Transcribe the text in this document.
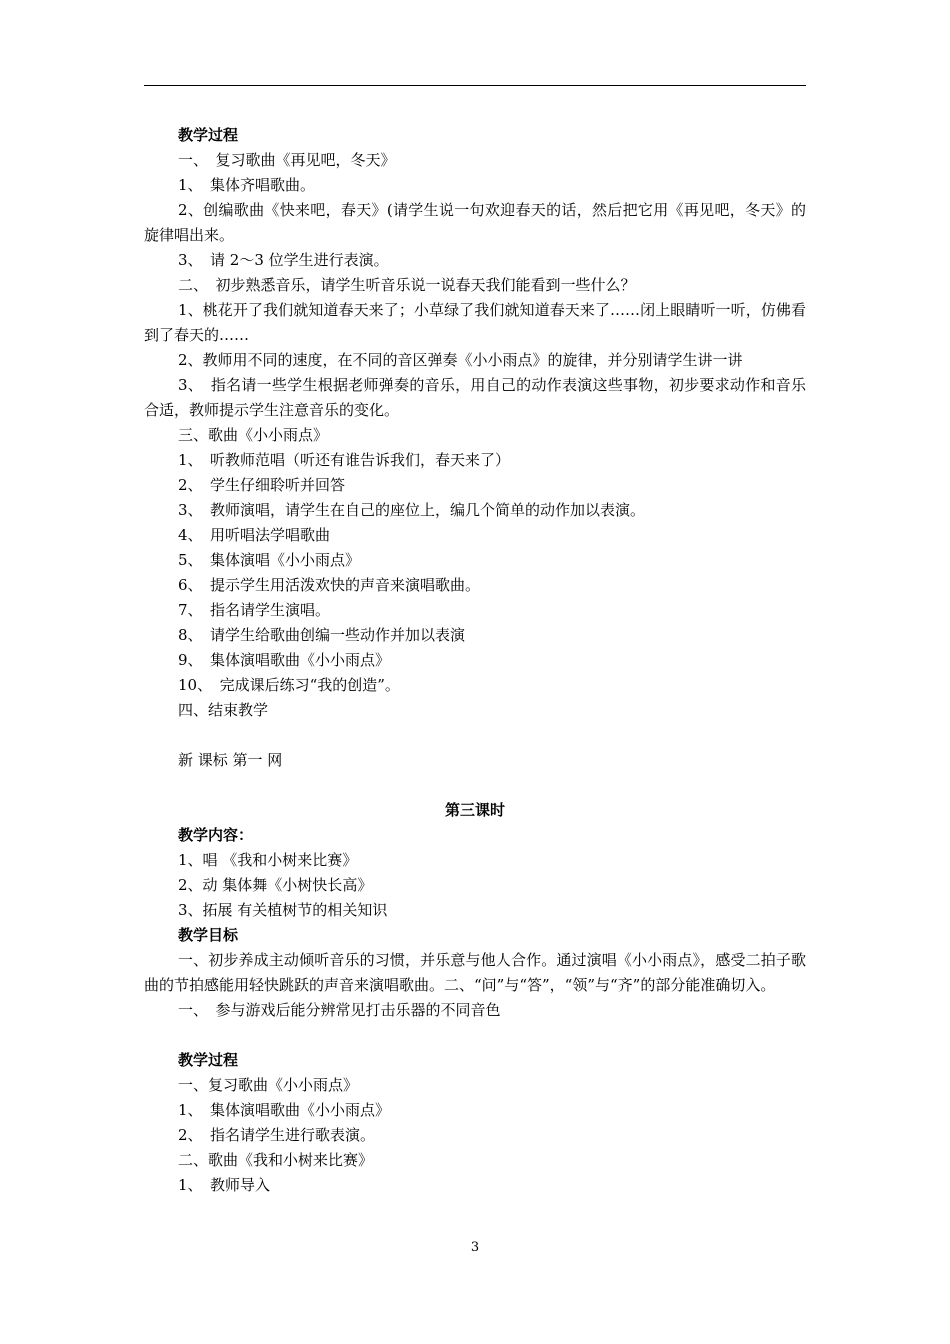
教学过程
一、　复习歌曲《再见吧，冬天》
1、　集体齐唱歌曲。
2、创编歌曲《快来吧，春天》(请学生说一句欢迎春天的话，然后把它用《再见吧，冬天》的旋律唱出来。
3、　请 2～3 位学生进行表演。
二、　初步熟悉音乐，请学生听音乐说一说春天我们能看到一些什么？
1、桃花开了我们就知道春天来了；小草绿了我们就知道春天来了……闭上眼睛听一听，仿佛看到了春天的……
2、教师用不同的速度，在不同的音区弹奏《小小雨点》的旋律，并分别请学生讲一讲
3、　指名请一些学生根据老师弹奏的音乐，用自己的动作表演这些事物，初步要求动作和音乐合适，教师提示学生注意音乐的变化。
三、歌曲《小小雨点》
1、　听教师范唱（听还有谁告诉我们，春天来了）
2、　学生仔细聆听并回答
3、　教师演唱，请学生在自己的座位上，编几个简单的动作加以表演。
4、　用听唱法学唱歌曲
5、　集体演唱《小小雨点》
6、　提示学生用活泼欢快的声音来演唱歌曲。
7、　指名请学生演唱。
8、　请学生给歌曲创编一些动作并加以表演
9、　集体演唱歌曲《小小雨点》
10、　完成课后练习“我的创造”。
四、结束教学
新 课标 第一 网
第三课时
教学内容：
1、唱 《我和小树来比赛》
2、动 集体舞《小树快长高》
3、拓展 有关植树节的相关知识
教学目标
一、初步养成主动倾听音乐的习惯，并乐意与他人合作。通过演唱《小小雨点》，感受二拍子歌曲的节拍感能用轻快跳跃的声音来演唱歌曲。二、“问”与“答”，“领”与“齐”的部分能准确切入。
一、　参与游戏后能分辨常见打击乐器的不同音色
教学过程
一、复习歌曲《小小雨点》
1、　集体演唱歌曲《小小雨点》
2、　指名请学生进行歌表演。
二、歌曲《我和小树来比赛》
1、　教师导入
3
